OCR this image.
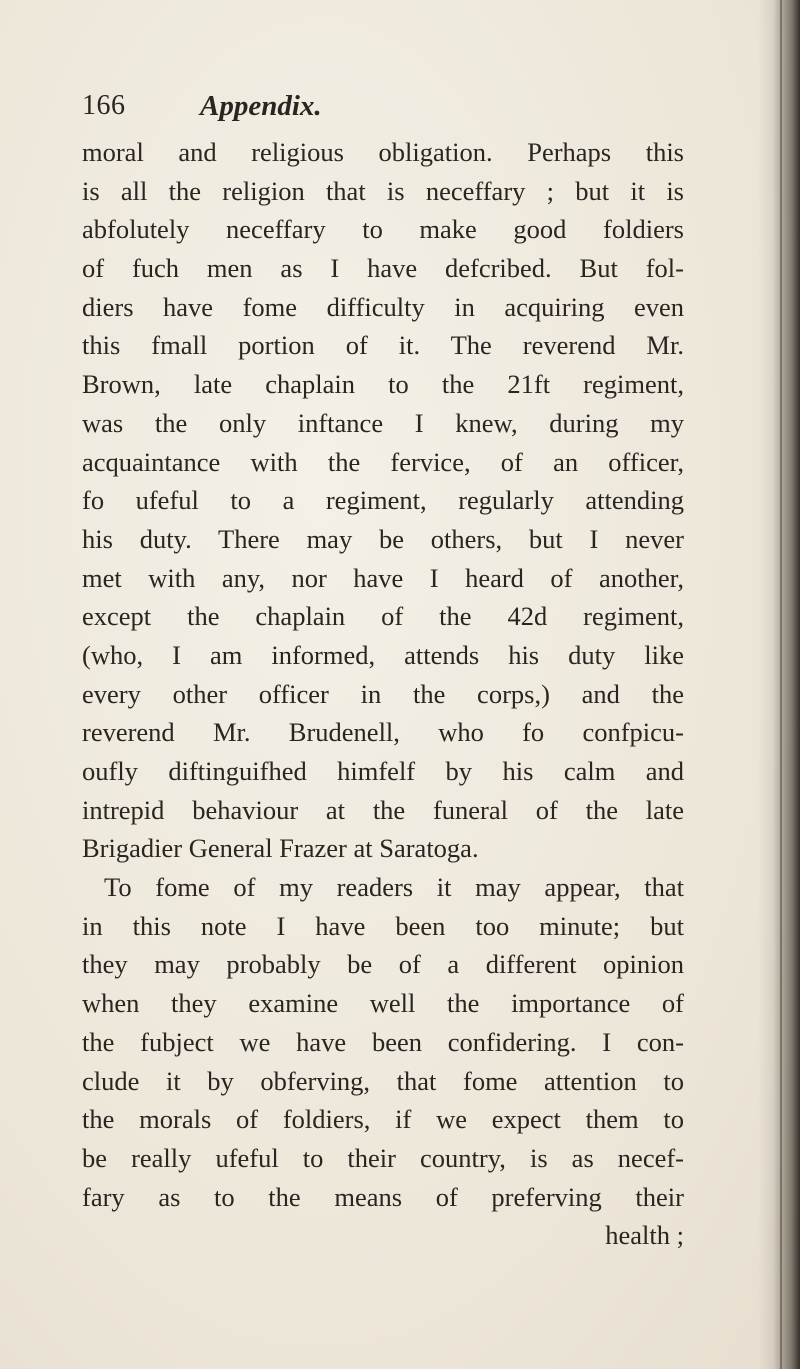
166	Appendix.
moral and religious obligation. Perhaps this
is all the religion that is neceffary ; but it is
abfolutely neceffary to make good foldiers
of fuch men as I have defcribed. But fol-
diers have fome difficulty in acquiring even
this fmall portion of it. The reverend Mr.
Brown, late chaplain to the 21ft regiment,
was the only inftance I knew, during my
acquaintance with the fervice, of an officer,
fo ufeful to a regiment, regularly attending
his duty. There may be others, but I never
met with any, nor have I heard of another,
except the chaplain of the 42d regiment,
(who, I am informed, attends his duty like
every other officer in the corps,) and the
reverend Mr. Brudenell, who fo confpicu-
oufly diftinguifhed himfelf by his calm and
intrepid behaviour at the funeral of the late
Brigadier General Frazer at Saratoga.
To fome of my readers it may appear, that
in this note I have been too minute; but
they may probably be of a different opinion
when they examine well the importance of
the fubject we have been confidering. I con-
clude it by obferving, that fome attention to
the morals of foldiers, if we expect them to
be really ufeful to their country, is as necef-
fary as to the means of preferving their
health ;
